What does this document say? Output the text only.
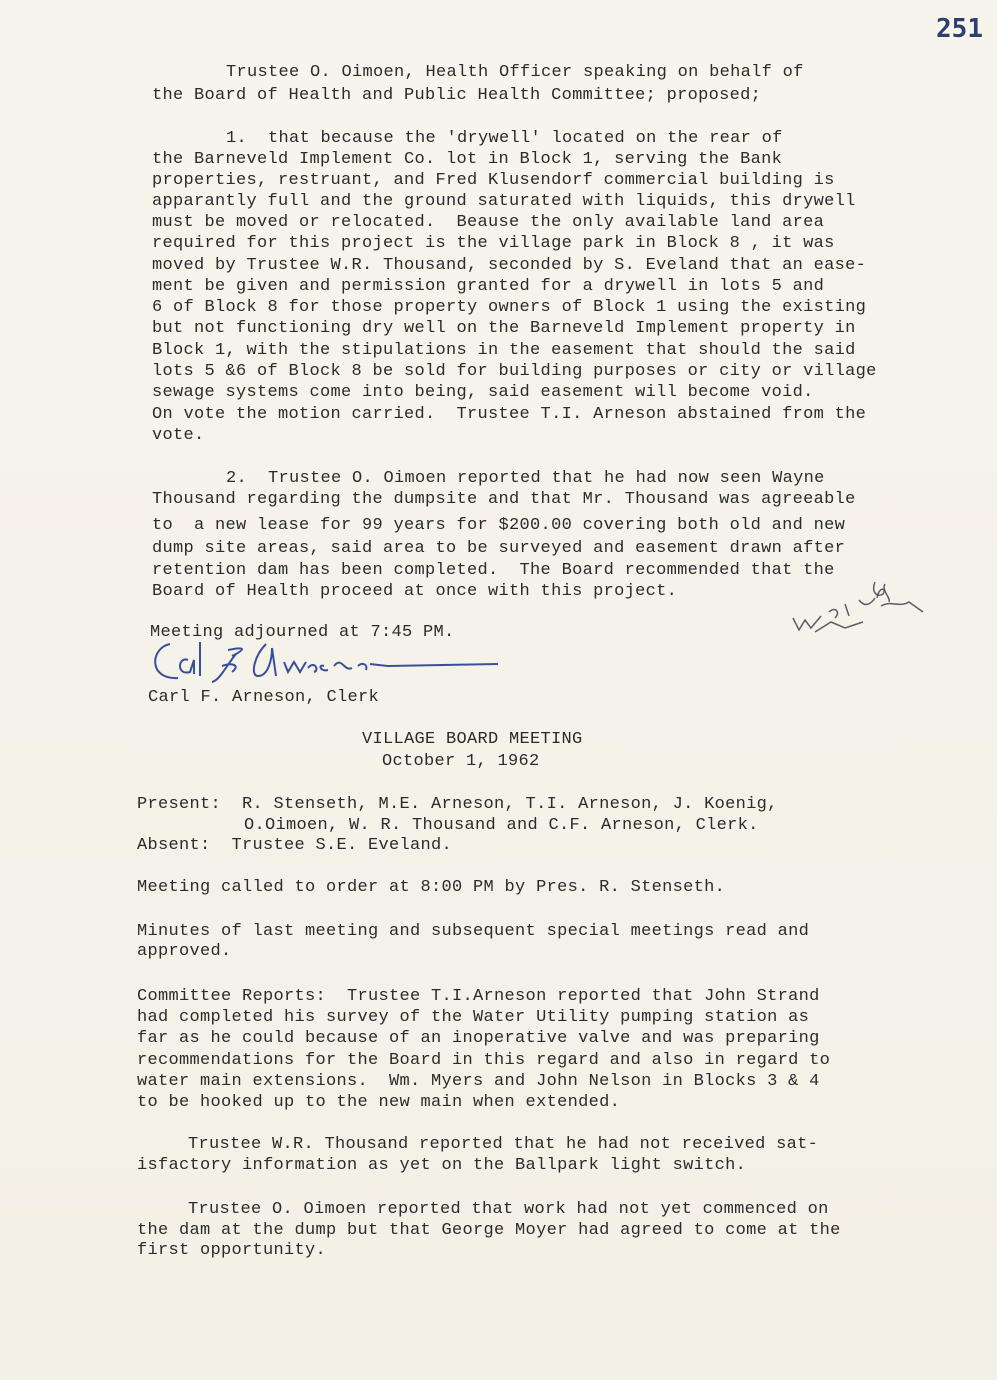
251
Trustee O. Oimoen, Health Officer speaking on behalf of
the Board of Health and Public Health Committee; proposed;
1.  that because the 'drywell' located on the rear of
the Barneveld Implement Co. lot in Block 1, serving the Bank
properties, restruant, and Fred Klusendorf commercial building is
apparantly full and the ground saturated with liquids, this drywell
must be moved or relocated.  Beause the only available land area
required for this project is the village park in Block 8 , it was
moved by Trustee W.R. Thousand, seconded by S. Eveland that an ease-
ment be given and permission granted for a drywell in lots 5 and
6 of Block 8 for those property owners of Block 1 using the existing
but not functioning dry well on the Barneveld Implement property in
Block 1, with the stipulations in the easement that should the said
lots 5 &6 of Block 8 be sold for building purposes or city or village
sewage systems come into being, said easement will become void.
On vote the motion carried.  Trustee T.I. Arneson abstained from the
vote.
2.  Trustee O. Oimoen reported that he had now seen Wayne
Thousand regarding the dumpsite and that Mr. Thousand was agreeable
to  a new lease for 99 years for $200.00 covering both old and new
dump site areas, said area to be surveyed and easement drawn after
retention dam has been completed.  The Board recommended that the
Board of Health proceed at once with this project.
Meeting adjourned at 7:45 PM.
Carl F. Arneson, Clerk
VILLAGE BOARD MEETING
October 1, 1962
Present:  R. Stenseth, M.E. Arneson, T.I. Arneson, J. Koenig,
O.Oimoen, W. R. Thousand and C.F. Arneson, Clerk.
Absent:  Trustee S.E. Eveland.
Meeting called to order at 8:00 PM by Pres. R. Stenseth.
Minutes of last meeting and subsequent special meetings read and
approved.
Committee Reports:  Trustee T.I.Arneson reported that John Strand
had completed his survey of the Water Utility pumping station as
far as he could because of an inoperative valve and was preparing
recommendations for the Board in this regard and also in regard to
water main extensions.  Wm. Myers and John Nelson in Blocks 3 & 4
to be hooked up to the new main when extended.
Trustee W.R. Thousand reported that he had not received sat-
isfactory information as yet on the Ballpark light switch.
Trustee O. Oimoen reported that work had not yet commenced on
the dam at the dump but that George Moyer had agreed to come at the
first opportunity.
